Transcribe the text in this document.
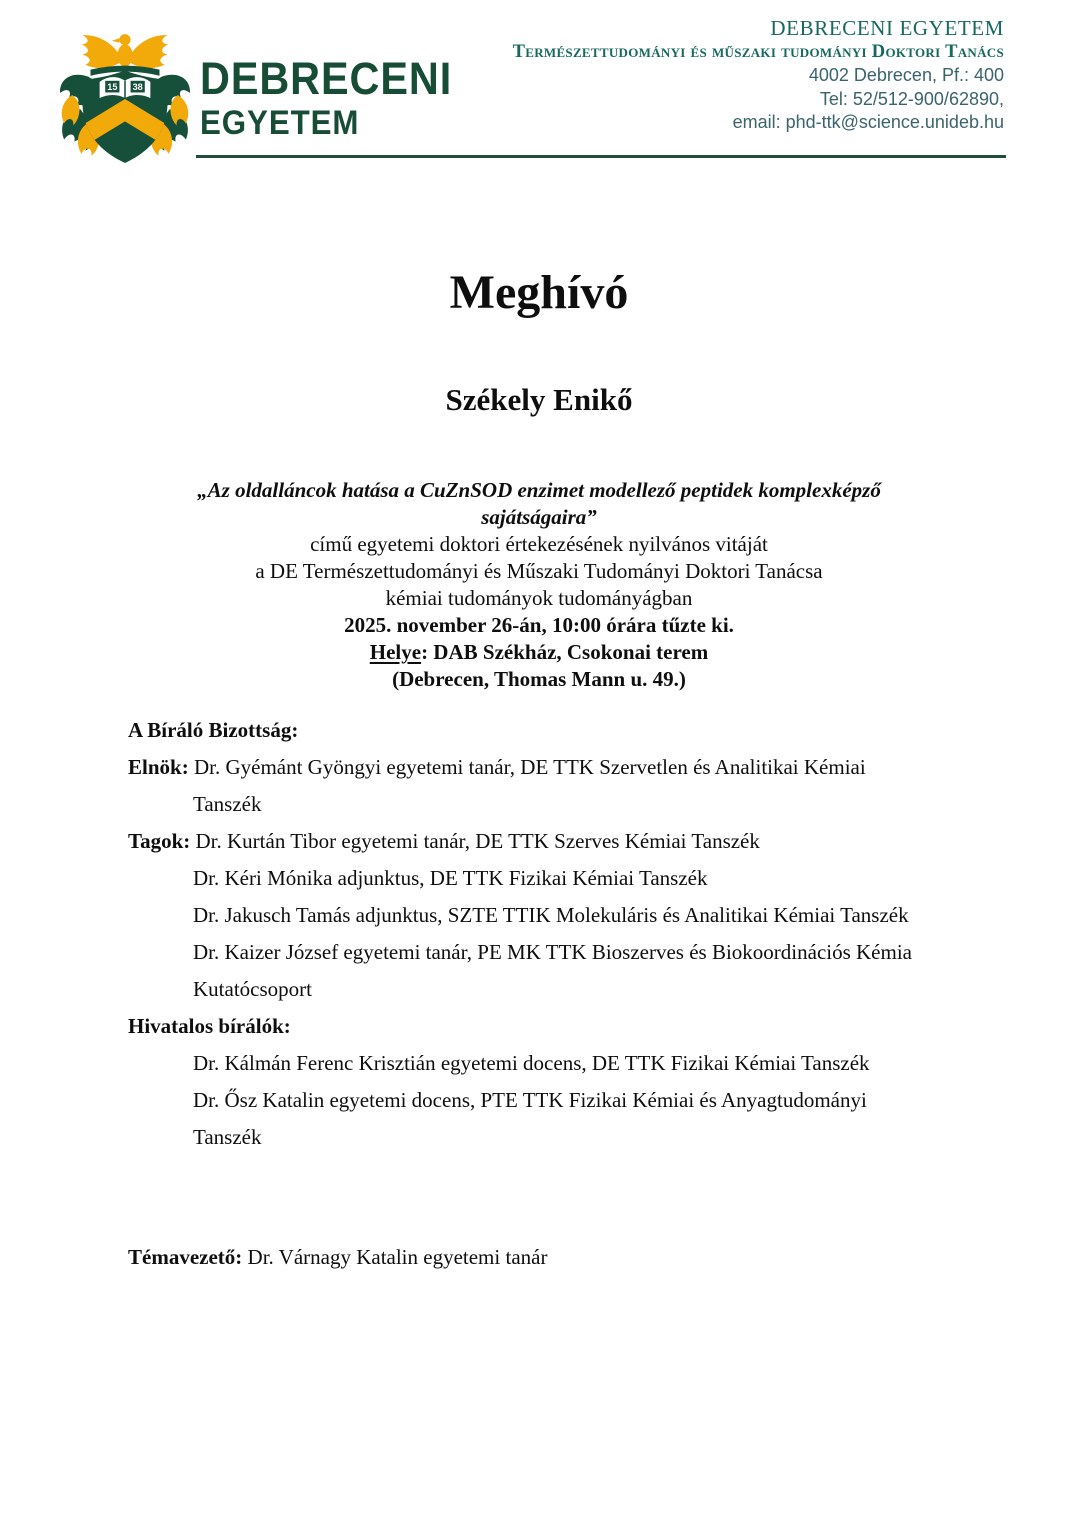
15 38 DEBRECENI
EGYETEM
DEBRECENI EGYETEM
Természettudományi és műszaki tudományi Doktori Tanács
4002 Debrecen, Pf.: 400
Tel: 52/512-900/62890,
email: phd-ttk@science.unideb.hu
Meghívó
Székely Enikő
„Az oldalláncok hatása a CuZnSOD enzimet modellező peptidek komplexképző
sajátságaira”
című egyetemi doktori értekezésének nyilvános vitáját
a DE Természettudományi és Műszaki Tudományi Doktori Tanácsa
kémiai tudományok tudományágban
2025. november 26-án, 10:00 órára tűzte ki.
Helye: DAB Székház, Csokonai terem
(Debrecen, Thomas Mann u. 49.)
A Bíráló Bizottság:
Elnök: Dr. Gyémánt Gyöngyi egyetemi tanár, DE TTK Szervetlen és Analitikai Kémiai
Tanszék
Tagok: Dr. Kurtán Tibor egyetemi tanár, DE TTK Szerves Kémiai Tanszék
Dr. Kéri Mónika adjunktus, DE TTK Fizikai Kémiai Tanszék
Dr. Jakusch Tamás adjunktus, SZTE TTIK Molekuláris és Analitikai Kémiai Tanszék
Dr. Kaizer József egyetemi tanár, PE MK TTK Bioszerves és Biokoordinációs Kémia
Kutatócsoport
Hivatalos bírálók:
Dr. Kálmán Ferenc Krisztián egyetemi docens, DE TTK Fizikai Kémiai Tanszék
Dr. Ősz Katalin egyetemi docens, PTE TTK Fizikai Kémiai és Anyagtudományi
Tanszék
Témavezető: Dr. Várnagy Katalin egyetemi tanár
